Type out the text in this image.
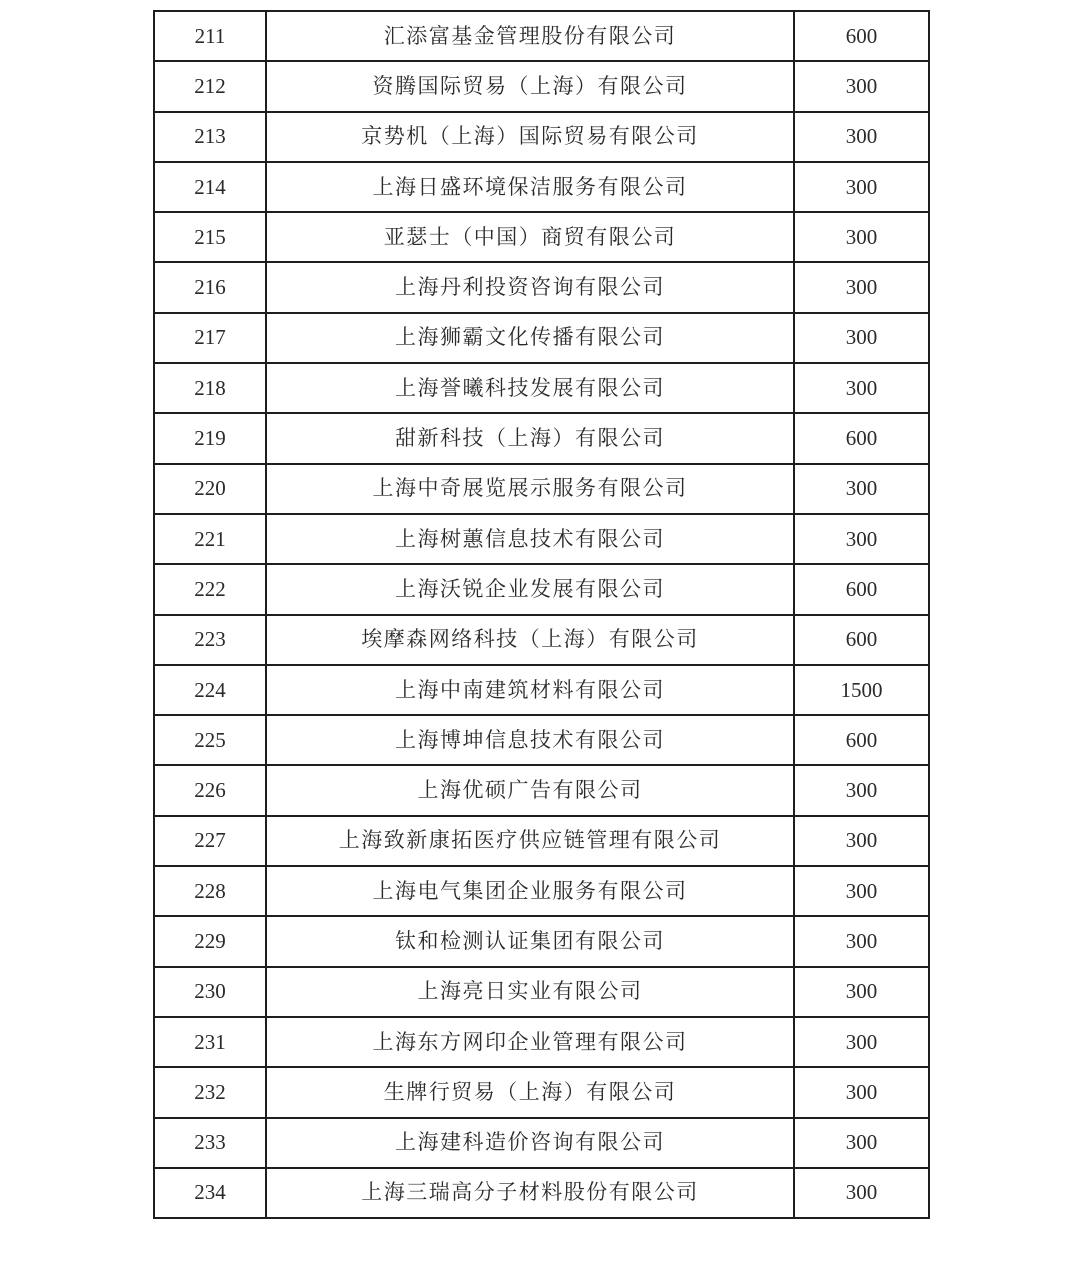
211	汇添富基金管理股份有限公司	600
212	资腾国际贸易（上海）有限公司	300
213	京势机（上海）国际贸易有限公司	300
214	上海日盛环境保洁服务有限公司	300
215	亚瑟士（中国）商贸有限公司	300
216	上海丹利投资咨询有限公司	300
217	上海狮霸文化传播有限公司	300
218	上海誉曦科技发展有限公司	300
219	甜新科技（上海）有限公司	600
220	上海中奇展览展示服务有限公司	300
221	上海树蕙信息技术有限公司	300
222	上海沃锐企业发展有限公司	600
223	埃摩森网络科技（上海）有限公司	600
224	上海中南建筑材料有限公司	1500
225	上海博坤信息技术有限公司	600
226	上海优硕广告有限公司	300
227	上海致新康拓医疗供应链管理有限公司	300
228	上海电气集团企业服务有限公司	300
229	钛和检测认证集团有限公司	300
230	上海亮日实业有限公司	300
231	上海东方网印企业管理有限公司	300
232	生牌行贸易（上海）有限公司	300
233	上海建科造价咨询有限公司	300
234	上海三瑞高分子材料股份有限公司	300
